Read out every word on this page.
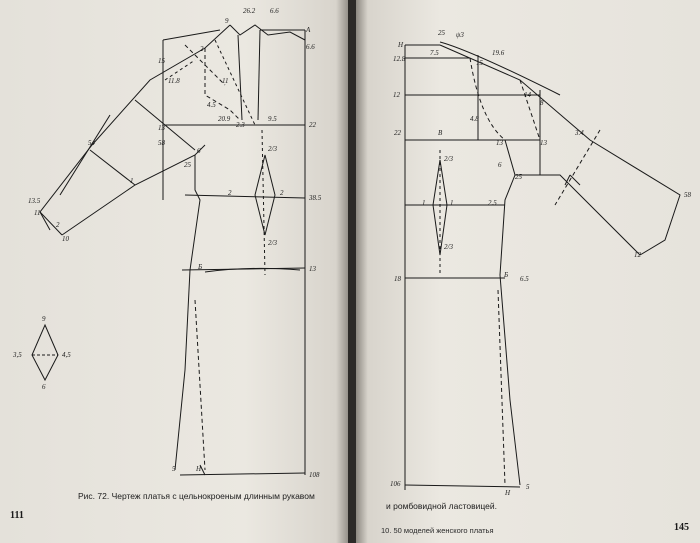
26.2 6.6
A
6.6
9
2
15
11.8	11
4.5
20.9
2.3
9.5
22
2/3
6
25
13
2	2
38.5
2/3
1
13.5
54
11
2
10
58
Б	13
5	Н
108
9
3,5	4,5
6
Рис. 72. Чертеж платья с цельнокроеным длинным рукавом
111
H
25 ψ3
7.5	19.6
12.8
12
15
14
8
22	В
4.8
13	13
2/3
6
25
2.5
1	1
2/3
18	Б 6.5
3.4
58
12
106
Н
5
и ромбовидной ластовицей.
10. 50 моделей женского платья	145
